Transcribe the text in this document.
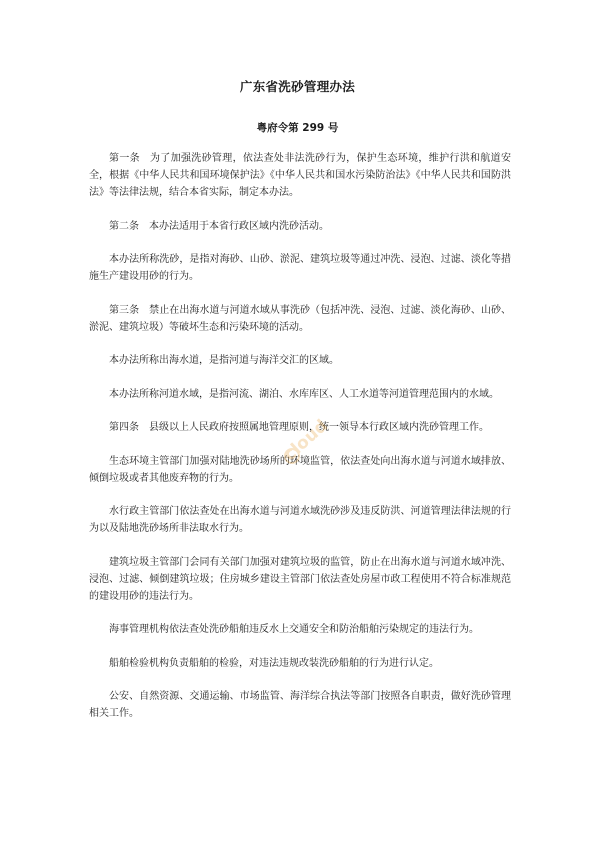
广东省洗砂管理办法
粤府令第 299 号

第一条 为了加强洗砂管理，依法查处非法洗砂行为，保护生态环境，维护行洪和航道安全，根据《中华人民共和国环境保护法》《中华人民共和国水污染防治法》《中华人民共和国防洪法》等法律法规，结合本省实际，制定本办法。

第二条 本办法适用于本省行政区域内洗砂活动。

本办法所称洗砂，是指对海砂、山砂、淤泥、建筑垃圾等通过冲洗、浸泡、过滤、淡化等措施生产建设用砂的行为。

第三条 禁止在出海水道与河道水域从事洗砂（包括冲洗、浸泡、过滤、淡化海砂、山砂、淤泥、建筑垃圾）等破坏生态和污染环境的活动。

本办法所称出海水道，是指河道与海洋交汇的区域。

本办法所称河道水域，是指河流、湖泊、水库库区、人工水道等河道管理范围内的水域。

第四条 县级以上人民政府按照属地管理原则，统一领导本行政区域内洗砂管理工作。

生态环境主管部门加强对陆地洗砂场所的环境监管，依法查处向出海水道与河道水域排放、倾倒垃圾或者其他废弃物的行为。

水行政主管部门依法查处在出海水道与河道水域洗砂涉及违反防洪、河道管理法律法规的行为以及陆地洗砂场所非法取水行为。

建筑垃圾主管部门会同有关部门加强对建筑垃圾的监管，防止在出海水道与河道水域冲洗、浸泡、过滤、倾倒建筑垃圾；住房城乡建设主管部门依法查处房屋市政工程使用不符合标准规范的建设用砂的违法行为。

海事管理机构依法查处洗砂船舶违反水上交通安全和防治船舶污染规定的违法行为。

船舶检验机构负责船舶的检验，对违法违规改装洗砂船舶的行为进行认定。

公安、自然资源、交通运输、市场监管、海洋综合执法等部门按照各自职责，做好洗砂管理相关工作。

cloud
